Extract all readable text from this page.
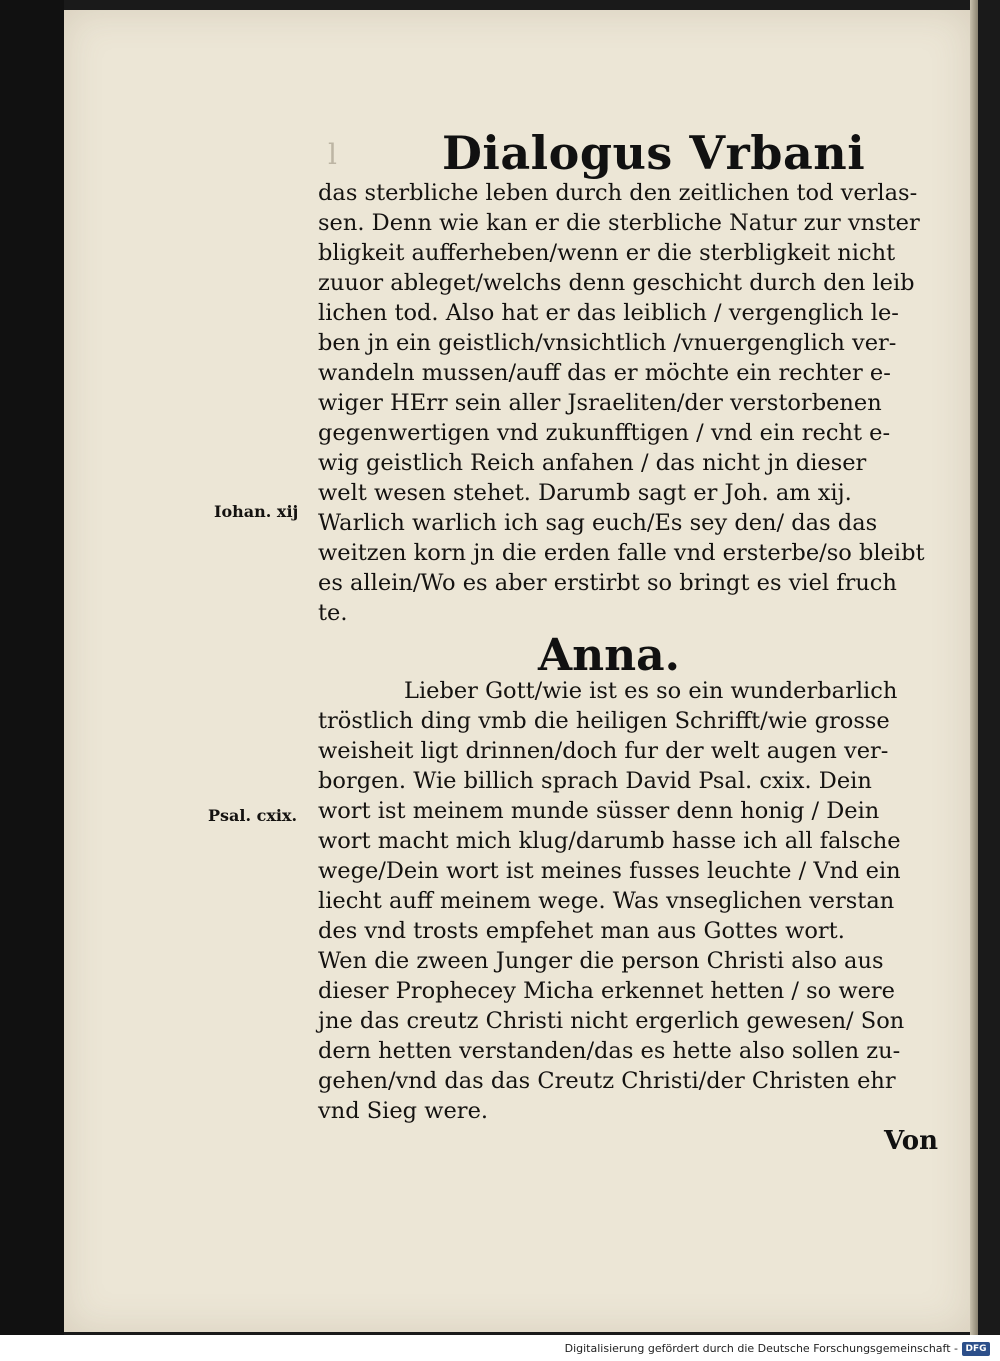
l Dialogus Vrbani
das sterbliche leben durch den zeitlichen tod verlas-
sen. Denn wie kan er die sterbliche Natur zur vnster
bligkeit aufferheben/wenn er die sterbligkeit nicht
zuuor ableget/welchs denn geschicht durch den leib
lichen tod. Also hat er das leiblich / vergenglich le-
ben jn ein geistlich/vnsichtlich /vnuergenglich ver-
wandeln mussen/auff das er möchte ein rechter e-
wiger HErr sein aller Jsraeliten/der verstorbenen
gegenwertigen vnd zukunfftigen / vnd ein recht e-
wig geistlich Reich anfahen / das nicht jn dieser
welt wesen stehet. Darumb sagt er Joh. am xij.
Warlich warlich ich sag euch/Es sey den/ das das
weitzen korn jn die erden falle vnd ersterbe/so bleibt
es allein/Wo es aber erstirbt so bringt es viel fruch
te.
Iohan. xij
Anna.
Lieber Gott/wie ist es so ein wunderbarlich
tröstlich ding vmb die heiligen Schrifft/wie grosse
weisheit ligt drinnen/doch fur der welt augen ver-
borgen. Wie billich sprach David Psal. cxix. Dein
wort ist meinem munde süsser denn honig / Dein
wort macht mich klug/darumb hasse ich all falsche
wege/Dein wort ist meines fusses leuchte / Vnd ein
liecht auff meinem wege. Was vnseglichen verstan
des vnd trosts empfehet man aus Gottes wort.
Wen die zween Junger die person Christi also aus
dieser Prophecey Micha erkennet hetten / so were
jne das creutz Christi nicht ergerlich gewesen/ Son
dern hetten verstanden/das es hette also sollen zu-
gehen/vnd das das Creutz Christi/der Christen ehr
vnd Sieg were.
Psal. cxix.
Von
Digitalisierung gefördert durch die Deutsche Forschungsgemeinschaft - DFG
